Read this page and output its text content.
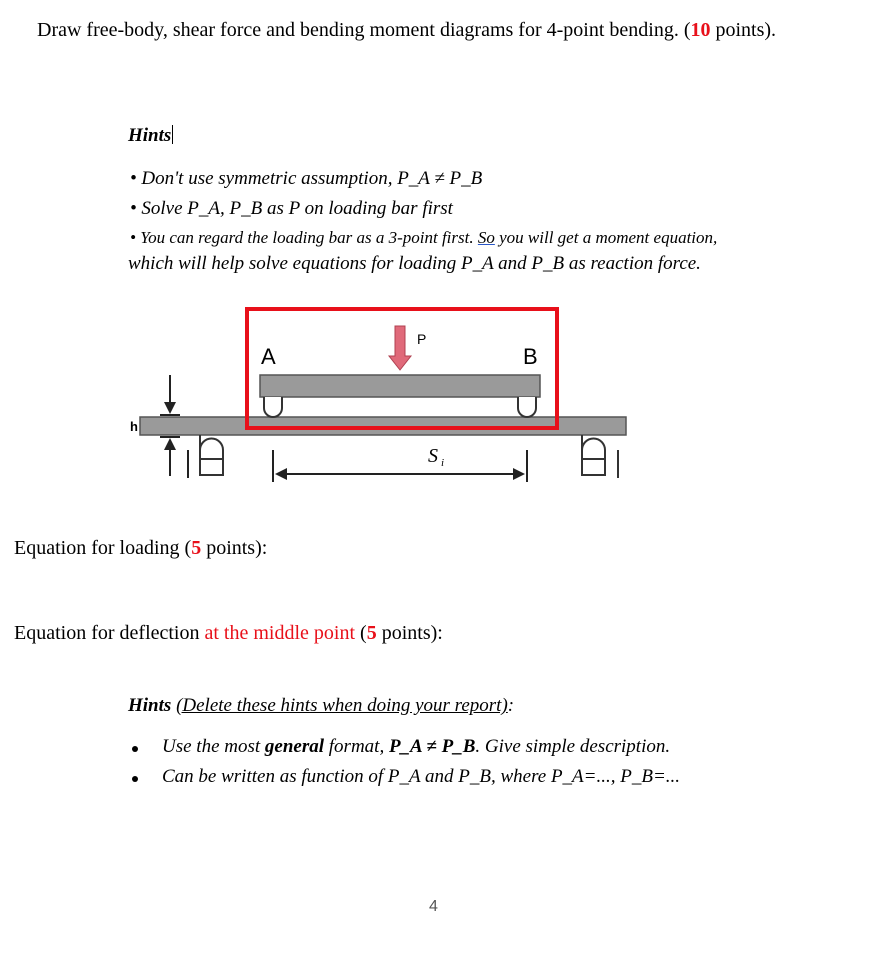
Draw free-body, shear force and bending moment diagrams for 4-point bending. (10 points).
Hints
• Don't use symmetric assumption, P_A ≠ P_B
• Solve P_A, P_B as P on loading bar first
• You can regard the loading bar as a 3-point first. So you will get a moment equation,
which will help solve equations for loading P_A and P_B as reaction force.
P
A	B
h
S i
Equation for loading (5 points):
Equation for deflection at the middle point (5 points):
Hints (Delete these hints when doing your report):
Use the most general format, P_A ≠ P_B. Give simple description.
Can be written as function of P_A and P_B, where P_A=..., P_B=...
4
